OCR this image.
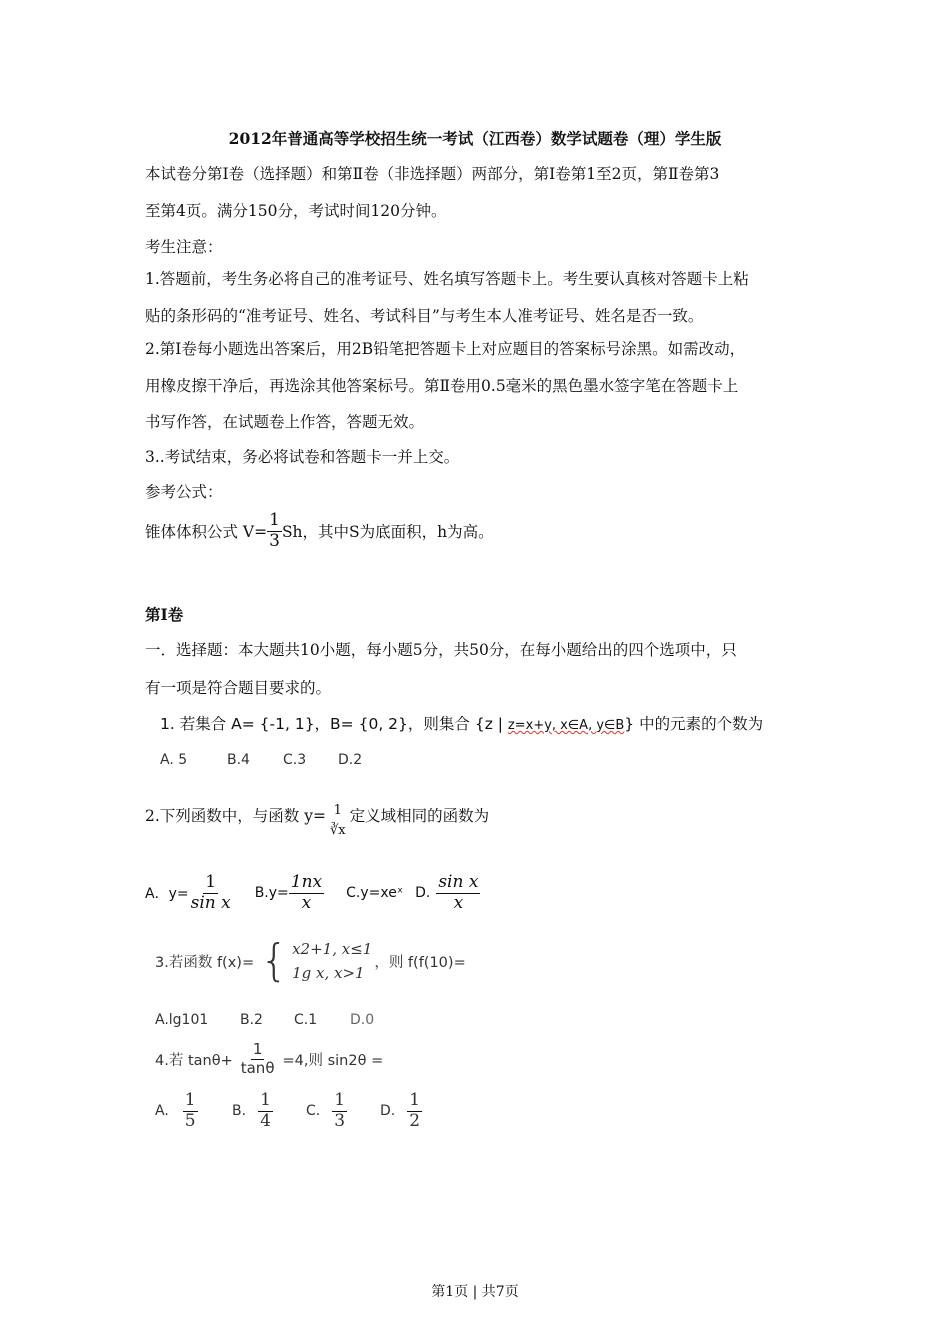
2012年普通高等学校招生统一考试（江西卷）数学试题卷（理）学生版
本试卷分第Ⅰ卷（选择题）和第Ⅱ卷（非选择题）两部分，第Ⅰ卷第1至2页，第Ⅱ卷第3
至第4页。满分150分，考试时间120分钟。
考生注意：
1.答题前，考生务必将自己的准考证号、姓名填写答题卡上。考生要认真核对答题卡上粘
贴的条形码的“准考证号、姓名、考试科目”与考生本人准考证号、姓名是否一致。
2.第Ⅰ卷每小题选出答案后，用2B铅笔把答题卡上对应题目的答案标号涂黑。如需改动，
用橡皮擦干净后，再选涂其他答案标号。第Ⅱ卷用0.5毫米的黑色墨水签字笔在答题卡上
书写作答，在试题卷上作答，答题无效。
3..考试结束，务必将试卷和答题卡一并上交。
参考公式：
锥体体积公式 $V= \frac{1}{3}$ Sh，其中S为底面积，h为高。
第Ⅰ卷
一．选择题：本大题共10小题，每小题5分，共50分，在每小题给出的四个选项中，只
有一项是符合题目要求的。
1. 若集合 A= {-1, 1}，B= {0, 2}，则集合 {z | z=x+y, x∈A, y∈B} 中的元素的个数为
A. 5	B.4 C.3 D.2
2.下列函数中，与函数 y= 1
∛x
定义域相同的函数为
A．$y= \frac{1}{\text{sin x}} B.y= \frac{1nx}{x}$ C.y=xeˣ D. $\frac{\text{sin x}}{x}$
3.若函数 f(x)= { x2+1, x≤1
1g x, x>1
，则 f(f(10)=
A.lg101 B.2 C.1 D.0
4.若 $\tan\theta+ \frac{1}{\tan\theta} =4$,则 sin2θ =
A. $\frac{1}{5} B$. $\frac{1}{4} C$. $\frac{1}{3} D$. $\frac{1}{2}$
第1页 | 共7页
